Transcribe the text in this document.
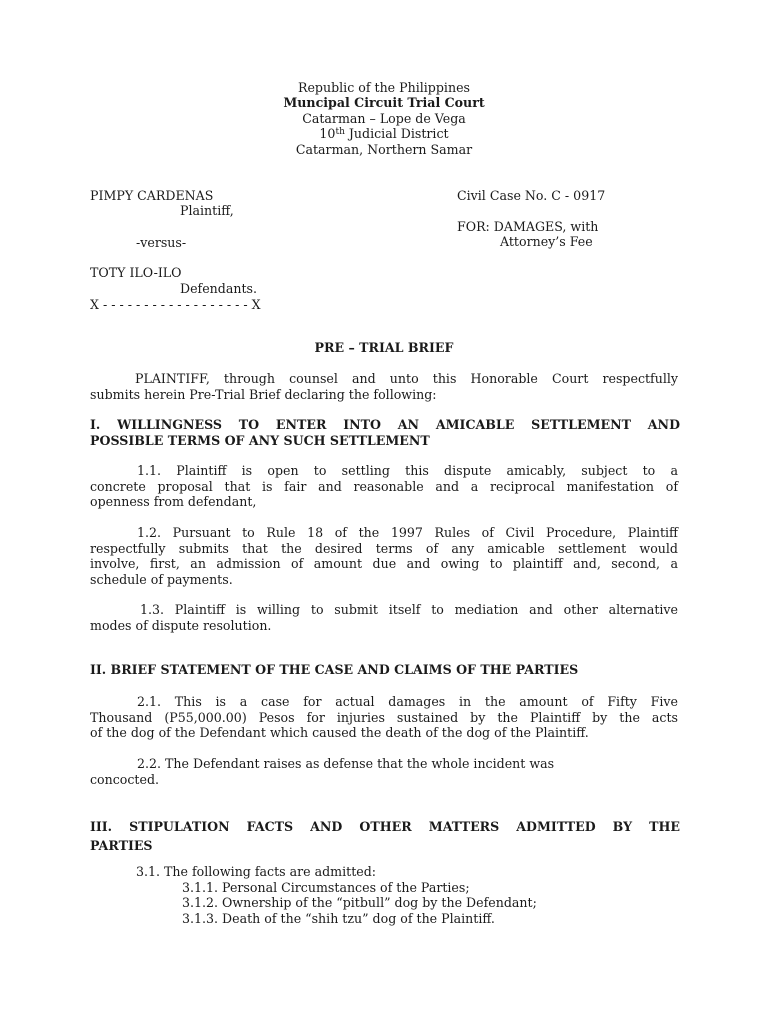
Republic of the Philippines
Muncipal Circuit Trial Court
Catarman – Lope de Vega
10th Judicial District
Catarman, Northern Samar
PIMPY CARDENAS
Plaintiff,
-versus-
TOTY ILO-ILO
Defendants.
X - - - - - - - - - - - - - - - - - - X
Civil Case No. C - 0917
FOR: DAMAGES, with
Attorney’s Fee
PRE – TRIAL BRIEF
PLAINTIFF, through counsel and unto this Honorable Court respectfully
submits herein Pre-Trial Brief declaring the following:
I. WILLINGNESS TO ENTER INTO AN AMICABLE SETTLEMENT AND
POSSIBLE TERMS OF ANY SUCH SETTLEMENT
1.1. Plaintiff is open to settling this dispute amicably, subject to a
concrete proposal that is fair and reasonable and a reciprocal manifestation of
openness from defendant,
1.2. Pursuant to Rule 18 of the 1997 Rules of Civil Procedure, Plaintiff
respectfully submits that the desired terms of any amicable settlement would
involve, first, an admission of amount due and owing to plaintiff and, second, a
schedule of payments.
1.3. Plaintiff is willing to submit itself to mediation and other alternative
modes of dispute resolution.
II. BRIEF STATEMENT OF THE CASE AND CLAIMS OF THE PARTIES
2.1. This is a case for actual damages in the amount of Fifty Five
Thousand (P55,000.00) Pesos for injuries sustained by the Plaintiff by the acts
of the dog of the Defendant which caused the death of the dog of the Plaintiff.
2.2. The Defendant raises as defense that the whole incident was
concocted.
III. STIPULATION FACTS AND OTHER MATTERS ADMITTED BY THE
PARTIES
3.1. The following facts are admitted:
3.1.1. Personal Circumstances of the Parties;
3.1.2. Ownership of the “pitbull” dog by the Defendant;
3.1.3. Death of the “shih tzu” dog of the Plaintiff.
